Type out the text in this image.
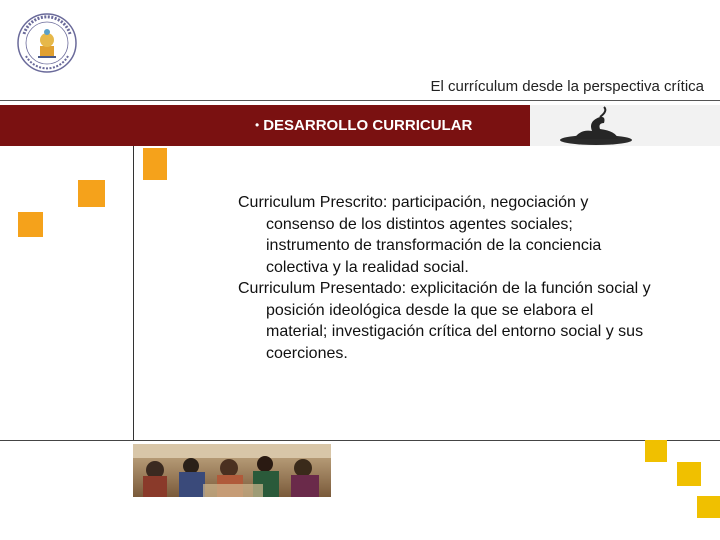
El currículum desde la perspectiva crítica
• DESARROLLO CURRICULAR

Curriculum Prescrito: participación, negociación y consenso de los distintos agentes sociales; instrumento de transformación de la conciencia colectiva y la realidad social.

Curriculum Presentado: explicitación de la función social y posición ideológica desde la que se elabora el material; investigación crítica del entorno social y sus coerciones.
